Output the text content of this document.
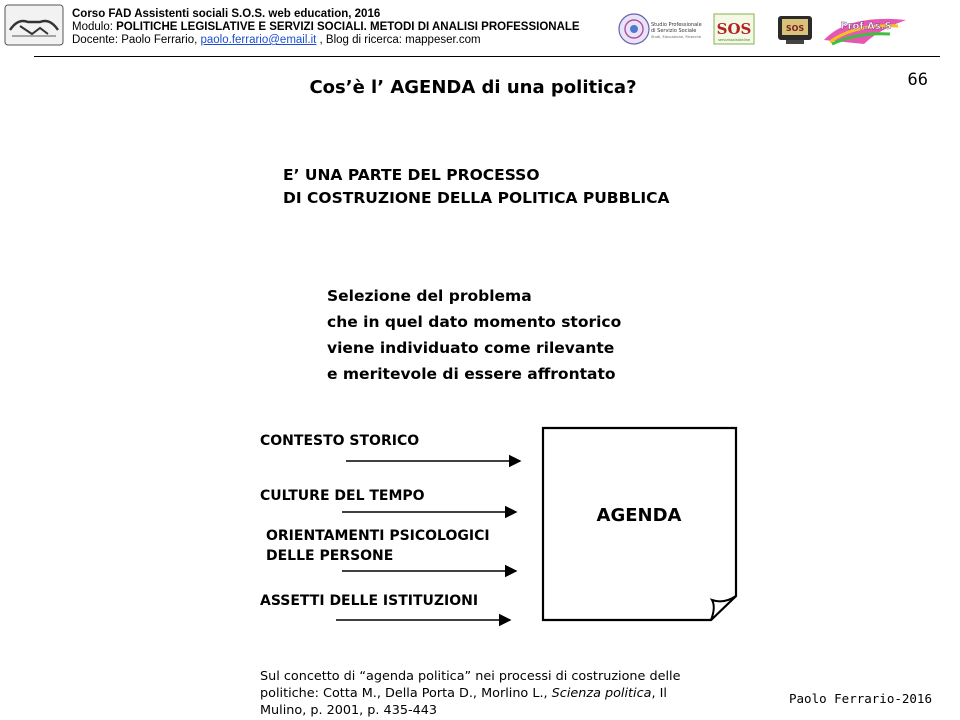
Corso FAD Assistenti sociali S.O.S. web education, 2016
Modulo: POLITICHE LEGISLATIVE E SERVIZI SOCIALI. METODI DI ANALISI PROFESSIONALE
Docente: Paolo Ferrario, paolo.ferrario@email.it , Blog di ricerca: mappeser.com
Studio Professionale
di Servizio Sociale
Studi, Educazione, Ricerche SOS
servizisocialionline
SOS	Prof.As.S
66
Cos’è l’ AGENDA di una politica?
E’ UNA PARTE DEL PROCESSO
DI COSTRUZIONE DELLA POLITICA PUBBLICA
Selezione del problema
che in quel dato momento storico
viene individuato come rilevante
e meritevole di essere affrontato
CONTESTO STORICO
CULTURE DEL TEMPO
ORIENTAMENTI PSICOLOGICI
DELLE PERSONE
ASSETTI DELLE ISTITUZIONI
AGENDA
Sul concetto di “agenda politica” nei processi di costruzione delle
politiche: Cotta M., Della Porta D., Morlino L., Scienza politica, Il
Mulino, p. 2001, p. 435-443
Paolo Ferrario-2016
